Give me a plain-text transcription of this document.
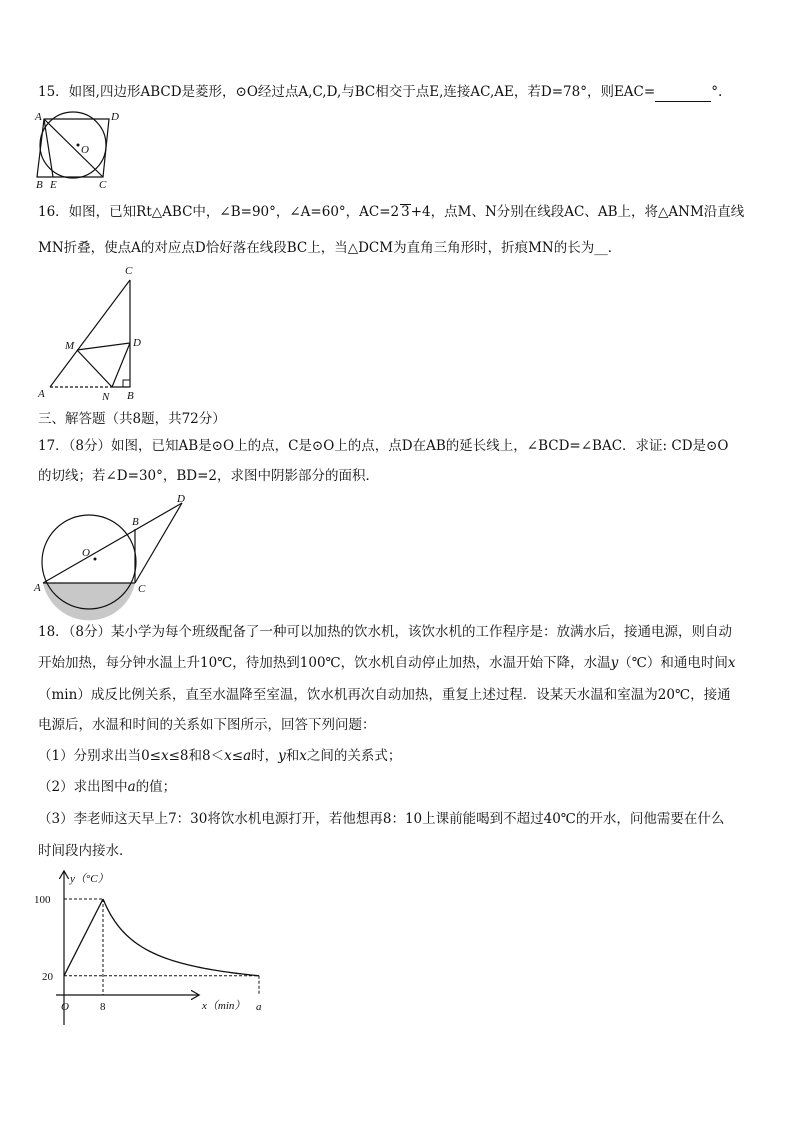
15．如图,四边形ABCD是菱形，⊙O经过点A,C,D,与BC相交于点E,连接AC,AE，若D=78°，则EAC=	°.
A	D
O
B E	C
16．如图，已知Rt△ABC中，∠B=90°，∠A=60°，AC=2 3+4，点M、N分别在线段AC、AB上，将△ANM沿直线
MN折叠，使点A的对应点D恰好落在线段BC上，当△DCM为直角三角形时，折痕MN的长为__．
C
M	D
A	N B
三、解答题（共8题，共72分）
17．（8分）如图，已知AB是⊙O上的点，C是⊙O上的点，点D在AB的延长线上，∠BCD=∠BAC．求证: CD是⊙O
的切线；若∠D=30°，BD=2，求图中阴影部分的面积．
O
A
B
C
D
18．（8分）某小学为每个班级配备了一种可以加热的饮水机，该饮水机的工作程序是：放满水后，接通电源，则自动
开始加热，每分钟水温上升10℃，待加热到100℃，饮水机自动停止加热，水温开始下降，水温y（℃）和通电时间x
（min）成反比例关系，直至水温降至室温，饮水机再次自动加热，重复上述过程．设某天水温和室温为20℃，接通
电源后，水温和时间的关系如下图所示，回答下列问题：
（1）分别求出当0≤x≤8和8＜x≤a时，y和x之间的关系式；
（2）求出图中a的值；
（3）李老师这天早上7：30将饮水机电源打开，若他想再8：10上课前能喝到不超过40℃的开水，问他需要在什么
时间段内接水．
100
20
O	8	a
y（°C）
x（min）
